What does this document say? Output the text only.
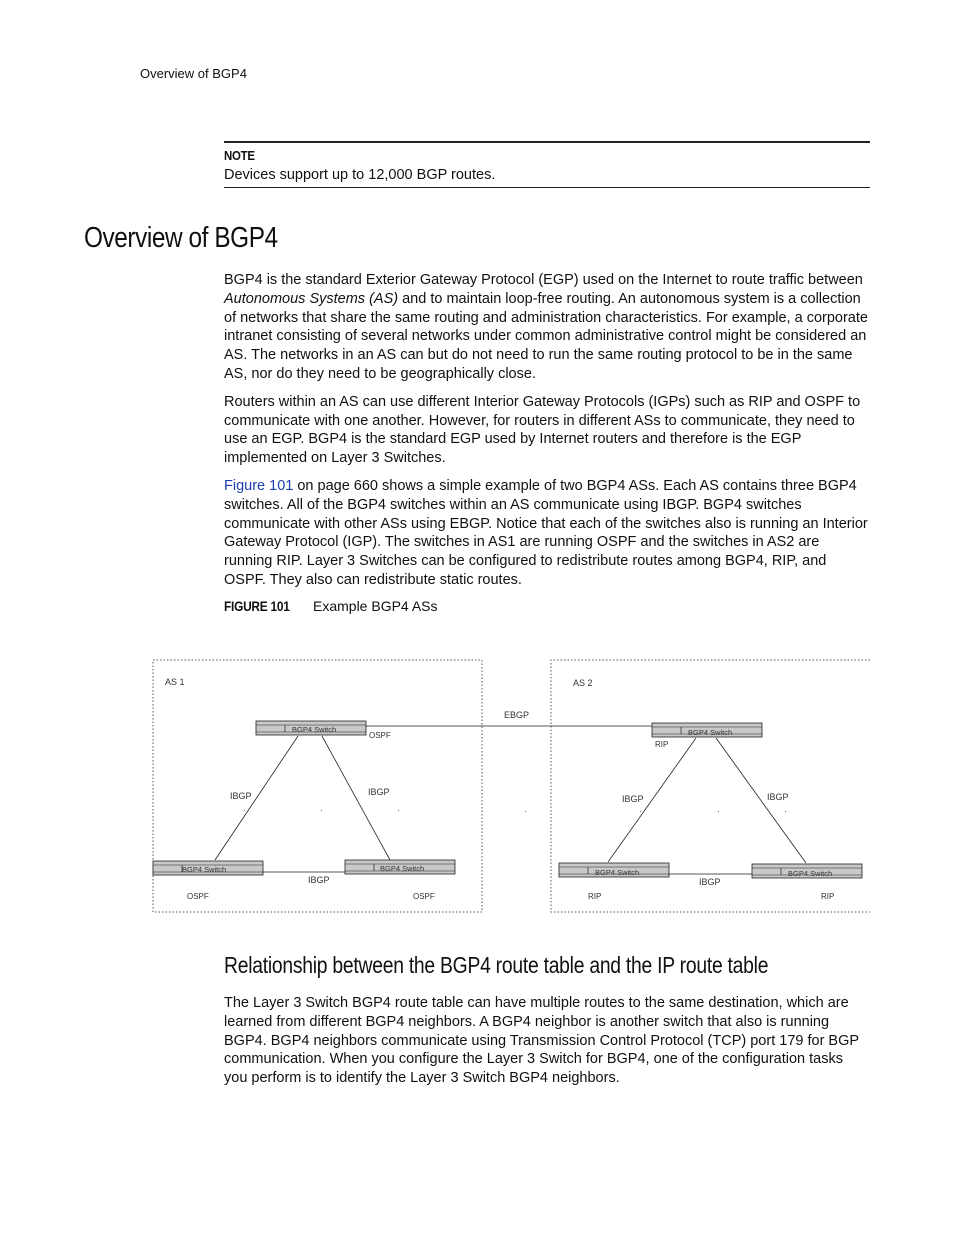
Overview of BGP4
NOTE
Devices support up to 12,000 BGP routes.
Overview of BGP4

BGP4 is the standard Exterior Gateway Protocol (EGP) used on the Internet to route traffic between Autonomous Systems (AS) and to maintain loop-free routing. An autonomous system is a collection of networks that share the same routing and administration characteristics. For example, a corporate intranet consisting of several networks under common administrative control might be considered an AS. The networks in an AS can but do not need to run the same routing protocol to be in the same AS, nor do they need to be geographically close.

Routers within an AS can use different Interior Gateway Protocols (IGPs) such as RIP and OSPF to communicate with one another. However, for routers in different ASs to communicate, they need to use an EGP. BGP4 is the standard EGP used by Internet routers and therefore is the EGP implemented on Layer 3 Switches.

Figure 101 on page 660 shows a simple example of two BGP4 ASs. Each AS contains three BGP4 switches. All of the BGP4 switches within an AS communicate using IBGP. BGP4 switches communicate with other ASs using EBGP. Notice that each of the switches also is running an Interior Gateway Protocol (IGP). The switches in AS1 are running OSPF and the switches in AS2 are running RIP. Layer 3 Switches can be configured to redistribute routes among BGP4, RIP, and OSPF. They also can redistribute static routes.

FIGURE 101 Example BGP4 ASs
AS 1	AS 2
EBGP
BGP4 Switch
BGP4 Switch	BGP4 Switch
BGP4 Switch
BGP4 Switch	BGP4 Switch
OSPF
RIP
IBGP	IBGP
IBGP
IBGP	IBGP
IBGP
OSPF	OSPF	RIP	RIP
Relationship between the BGP4 route table and the IP route table

The Layer 3 Switch BGP4 route table can have multiple routes to the same destination, which are learned from different BGP4 neighbors. A BGP4 neighbor is another switch that also is running BGP4. BGP4 neighbors communicate using Transmission Control Protocol (TCP) port 179 for BGP communication. When you configure the Layer 3 Switch for BGP4, one of the configuration tasks you perform is to identify the Layer 3 Switch BGP4 neighbors.
